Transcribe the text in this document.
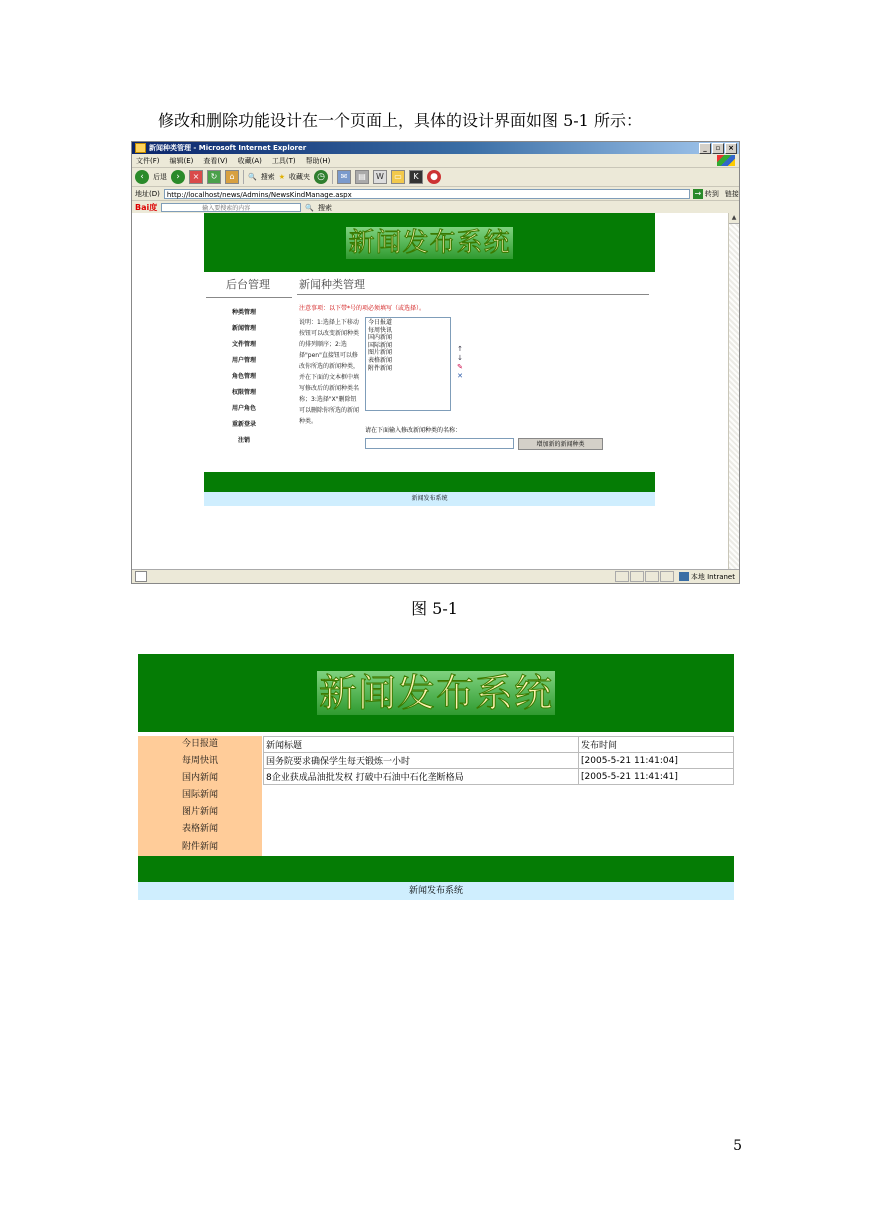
修改和删除功能设计在一个页面上，具体的设计界面如图 5-1 所示：
新闻种类管理 - Microsoft Internet Explorer	_	▫	×
文件(F) 编辑(E) 查看(V) 收藏(A) 工具(T) 帮助(H)
‹	后退	›	×	↻	⌂	🔍 搜索 ★ 收藏夹 ◷	✉	▤	W	▭	K	●
地址(D)	http://localhost/news/Admins/NewsKindManage.aspx	→ 转到 链接
Bai度	输入要搜索的内容	🔍 搜索
新闻发布系统
后台管理	新闻种类管理
种类管理
新闻管理
文件管理
用户管理
角色管理
权限管理
用户角色
重新登录
注销
注意事项：以下带*号的项必须填写（或选择）。
说明：1:选择上下移动按钮可以改变新闻种类的排列顺序；2:选择"pen"直接钮可以修改你所选的新闻种类，并在下面的文本框中填写修改后的新闻种类名称；3:选择"X"删除钮可以删除你所选的新闻种类。
今日报道
每周快讯
国内新闻
国际新闻
图片新闻
表格新闻
附件新闻
↑
↓
✎
✕
请在下面输入修改新闻种类的名称：
增加新的新闻种类
新闻发布系统
▲
本地 Intranet
图 5-1
新闻发布系统
今日报道
每周快讯
国内新闻
国际新闻
图片新闻
表格新闻
附件新闻
新闻标题	发布时间
国务院要求确保学生每天锻炼一小时	[2005-5-21 11:41:04]
8企业获成品油批发权 打破中石油中石化垄断格局	[2005-5-21 11:41:41]
新闻发布系统
5
